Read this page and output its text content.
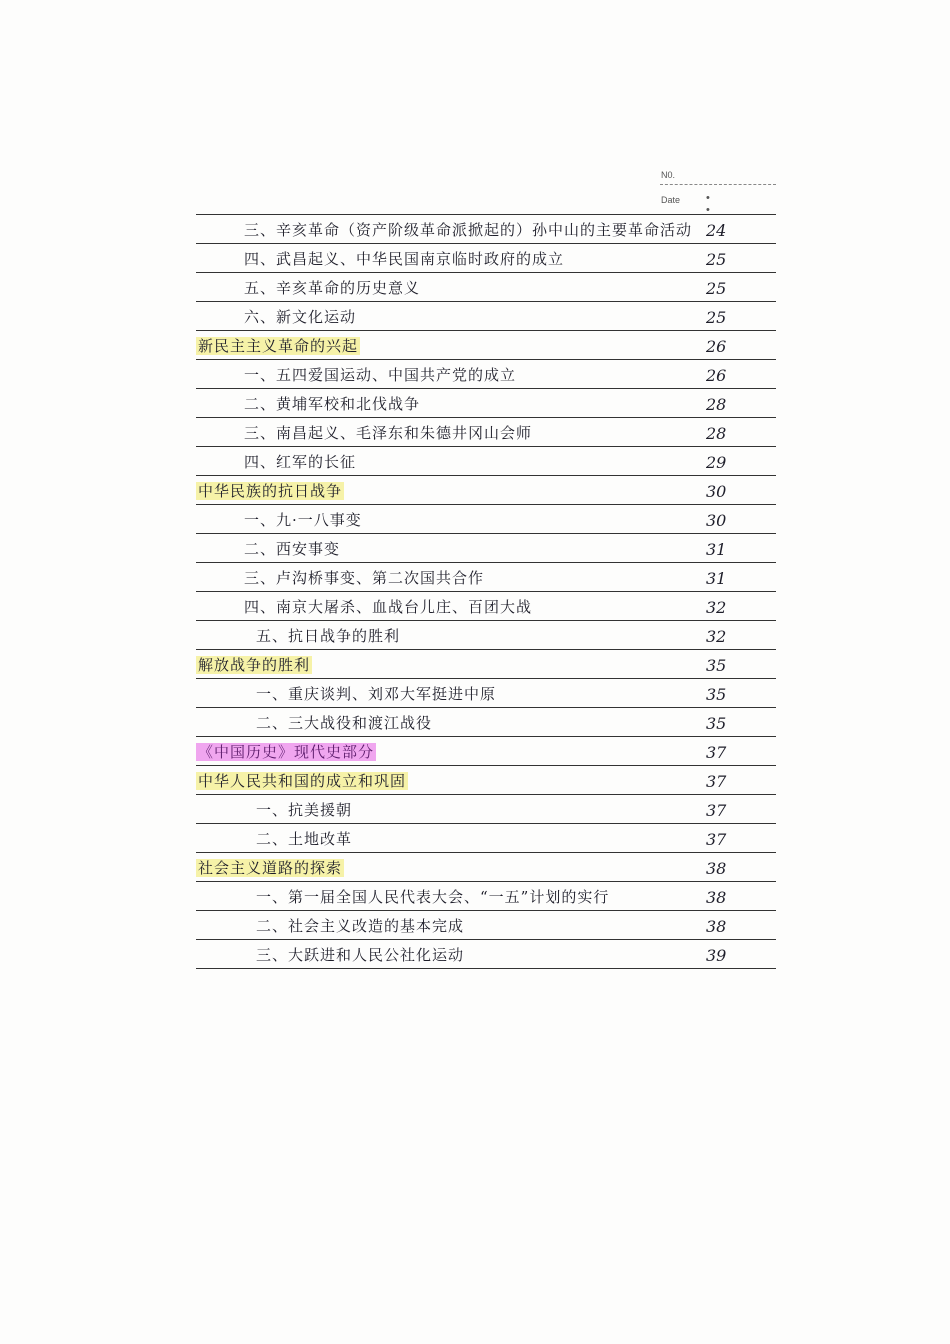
N0.
Date • •
三、辛亥革命（资产阶级革命派掀起的）孙中山的主要革命活动 24
四、武昌起义、中华民国南京临时政府的成立	25
五、辛亥革命的历史意义	25
六、新文化运动	25
新民主主义革命的兴起	26
一、五四爱国运动、中国共产党的成立	26
二、黄埔军校和北伐战争	28
三、南昌起义、毛泽东和朱德井冈山会师	28
四、红军的长征	29
中华民族的抗日战争	30
一、九·一八事变	30
二、西安事变	31
三、卢沟桥事变、第二次国共合作	31
四、南京大屠杀、血战台儿庄、百团大战	32
五、抗日战争的胜利	32
解放战争的胜利	35
一、重庆谈判、刘邓大军挺进中原	35
二、三大战役和渡江战役	35
《中国历史》现代史部分	37
中华人民共和国的成立和巩固	37
一、抗美援朝	37
二、土地改革	37
社会主义道路的探索	38
一、第一届全国人民代表大会、“一五”计划的实行	38
二、社会主义改造的基本完成	38
三、大跃进和人民公社化运动	39
